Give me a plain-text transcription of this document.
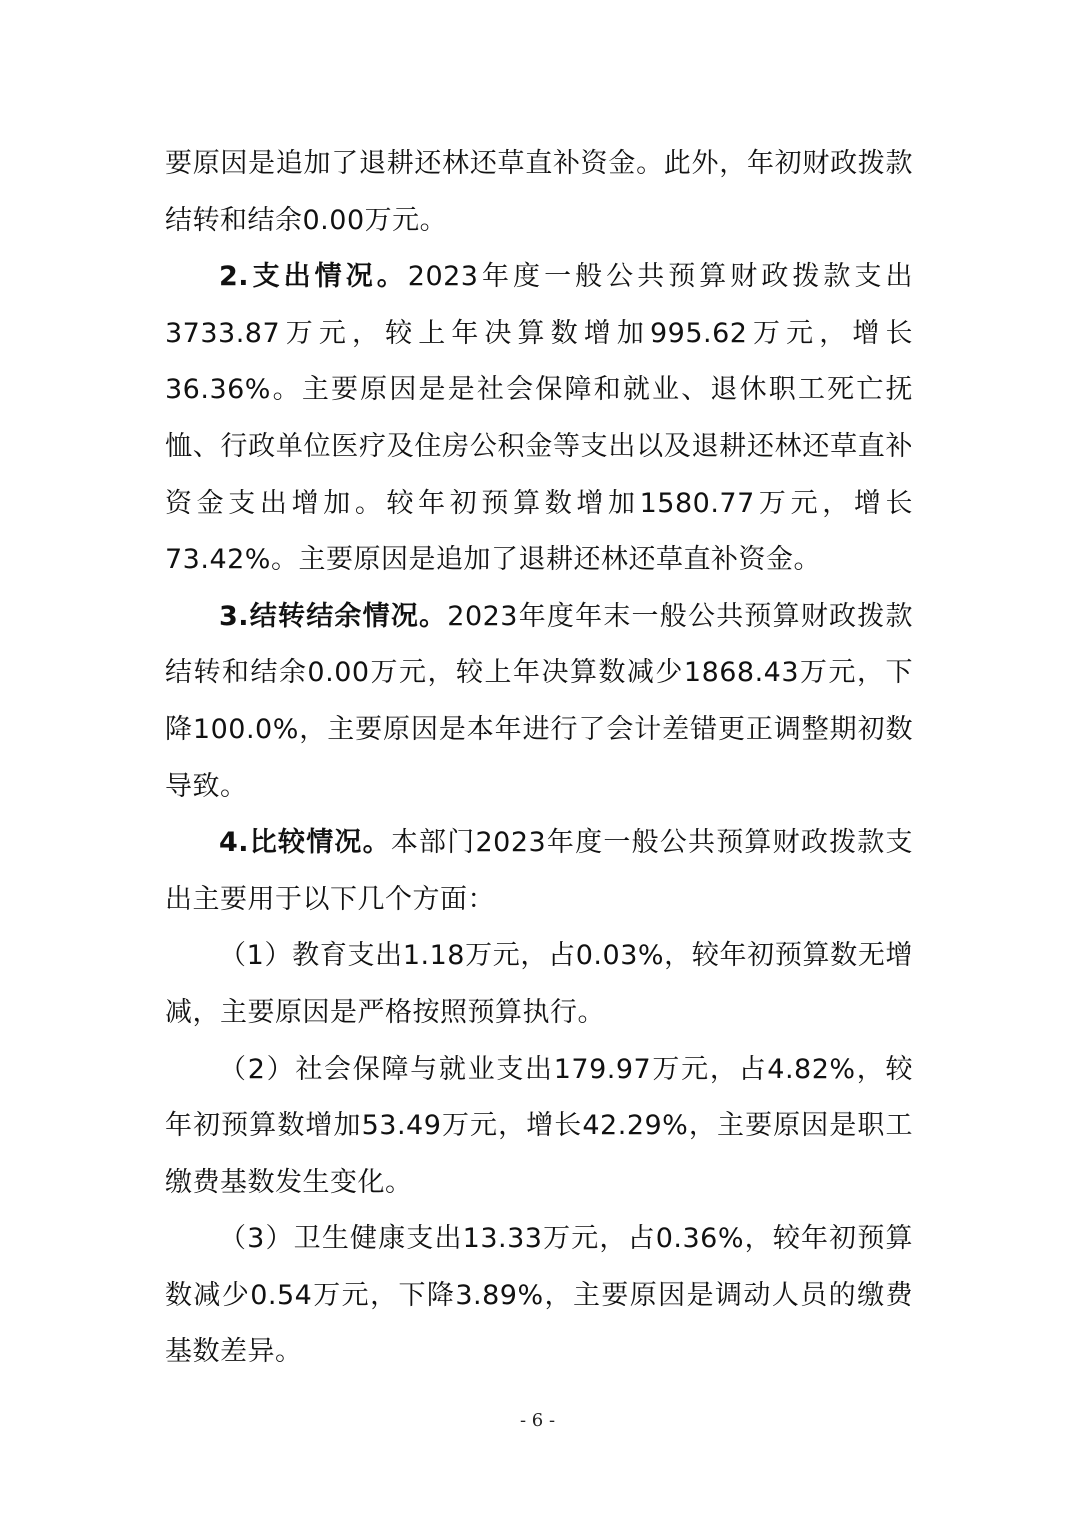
要原因是追加了退耕还林还草直补资金。此外，年初财政拨款结转和结余0.00万元。

2.支出情况。2023年度一般公共预算财政拨款支出3733.87万元，较上年决算数增加995.62万元，增长36.36%。主要原因是是社会保障和就业、退休职工死亡抚恤、行政单位医疗及住房公积金等支出以及退耕还林还草直补资金支出增加。较年初预算数增加1580.77万元，增长73.42%。主要原因是追加了退耕还林还草直补资金。

3.结转结余情况。2023年度年末一般公共预算财政拨款结转和结余0.00万元，较上年决算数减少1868.43万元，下降100.0%，主要原因是本年进行了会计差错更正调整期初数导致。

4.比较情况。本部门2023年度一般公共预算财政拨款支出主要用于以下几个方面：

（1）教育支出1.18万元，占0.03%，较年初预算数无增减，主要原因是严格按照预算执行。

（2）社会保障与就业支出179.97万元，占4.82%，较年初预算数增加53.49万元，增长42.29%，主要原因是职工缴费基数发生变化。

（3）卫生健康支出13.33万元，占0.36%，较年初预算数减少0.54万元，下降3.89%，主要原因是调动人员的缴费基数差异。

- 6 -
